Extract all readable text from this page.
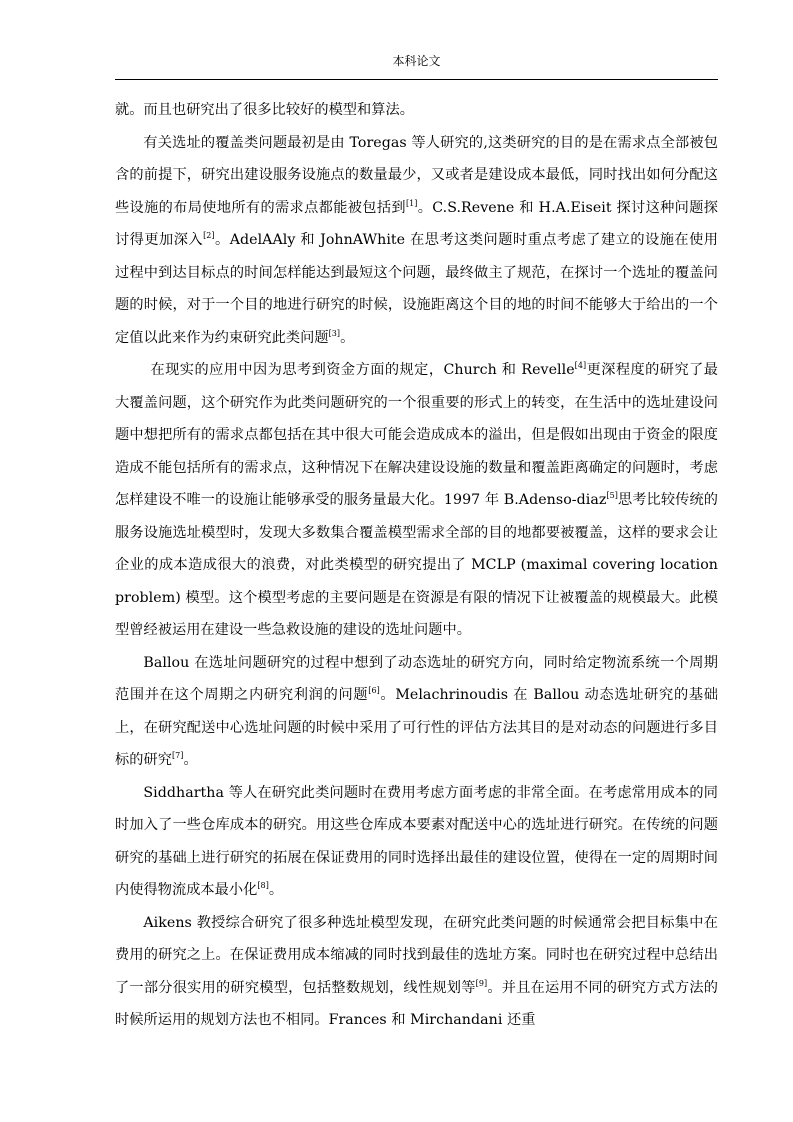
本科论文

就。而且也研究出了很多比较好的模型和算法。

有关选址的覆盖类问题最初是由 Toregas 等人研究的,这类研究的目的是在需求点全部被包含的前提下，研究出建设服务设施点的数量最少，又或者是建设成本最低，同时找出如何分配这些设施的布局使地所有的需求点都能被包括到[1]。C.S.Revene 和 H.A.Eiseit 探讨这种问题探讨得更加深入[2]。AdelAAly 和 JohnAWhite 在思考这类问题时重点考虑了建立的设施在使用过程中到达目标点的时间怎样能达到最短这个问题，最终做主了规范，在探讨一个选址的覆盖问题的时候，对于一个目的地进行研究的时候，设施距离这个目的地的时间不能够大于给出的一个定值以此来作为约束研究此类问题[3]。

在现实的应用中因为思考到资金方面的规定，Church 和 Revelle[4]更深程度的研究了最大覆盖问题，这个研究作为此类问题研究的一个很重要的形式上的转变，在生活中的选址建设问题中想把所有的需求点都包括在其中很大可能会造成成本的溢出，但是假如出现由于资金的限度造成不能包括所有的需求点，这种情况下在解决建设设施的数量和覆盖距离确定的问题时，考虑怎样建设不唯一的设施让能够承受的服务量最大化。1997 年 B.Adenso-diaz[5]思考比较传统的服务设施选址模型时，发现大多数集合覆盖模型需求全部的目的地都要被覆盖，这样的要求会让企业的成本造成很大的浪费，对此类模型的研究提出了 MCLP (maximal covering location problem) 模型。这个模型考虑的主要问题是在资源是有限的情况下让被覆盖的规模最大。此模型曾经被运用在建设一些急救设施的建设的选址问题中。

Ballou 在选址问题研究的过程中想到了动态选址的研究方向，同时给定物流系统一个周期范围并在这个周期之内研究利润的问题[6]。Melachrinoudis 在 Ballou 动态选址研究的基础上，在研究配送中心选址问题的时候中采用了可行性的评估方法其目的是对动态的问题进行多目标的研究[7]。

Siddhartha 等人在研究此类问题时在费用考虑方面考虑的非常全面。在考虑常用成本的同时加入了一些仓库成本的研究。用这些仓库成本要素对配送中心的选址进行研究。在传统的问题研究的基础上进行研究的拓展在保证费用的同时选择出最佳的建设位置，使得在一定的周期时间内使得物流成本最小化[8]。

Aikens 教授综合研究了很多种选址模型发现，在研究此类问题的时候通常会把目标集中在费用的研究之上。在保证费用成本缩减的同时找到最佳的选址方案。同时也在研究过程中总结出了一部分很实用的研究模型，包括整数规划，线性规划等[9]。并且在运用不同的研究方式方法的时候所运用的规划方法也不相同。Frances 和 Mirchandani 还重
